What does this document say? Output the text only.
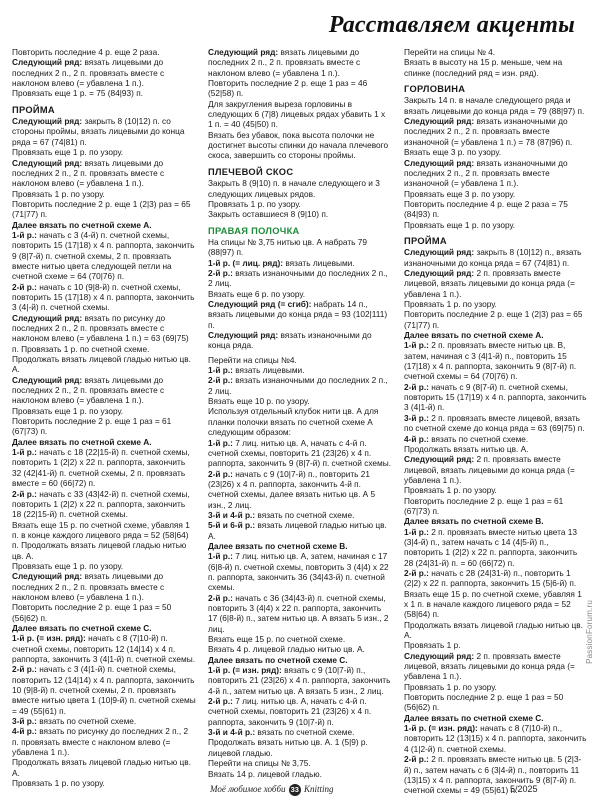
Расставляем акценты

Повторить последние 4 р. еще 2 раза.

Следующий ряд: вязать лицевыми до последних 2 п., 2 п. провязать вместе с наклоном влево (= убавлена 1 п.).

Провязать еще 1 р. = 75 (84|93) п.

ПРОЙМА

Следующий ряд: закрыть 8 (10|12) п. со стороны проймы, вязать лицевыми до конца ряда = 67 (74|81) п.

Провязать еще 1 р. по узору.

Следующий ряд: вязать лицевыми до последних 2 п., 2 п. провязать вместе с наклоном влево (= убавлена 1 п.).

Провязать 1 р. по узору.

Повторить последние 2 р. еще 1 (2|3) раз = 65 (71|77) п.

Далее вязать по счетной схеме А.

1-й р.: начать с 3 (4-й) п. счетной схемы, повторить 15 (17|18) x 4 п. раппорта, закончить 9 (8|7-й) п. счетной схемы, 2 п. провязать вместе нитью цвета следующей петли на счетной схеме = 64 (70|76) п.

2-й р.: начать с 10 (9|8-й) п. счетной схемы, повторить 15 (17|18) x 4 п. раппорта, закончить 3 (4|-й) п. счетной схемы.

Следующий ряд: вязать по рисунку до последних 2 п., 2 п. провязать вместе с наклоном влево (= убавлена 1 п.) = 63 (69|75) п. Провязать 1 р. по счетной схеме.

Продолжать вязать лицевой гладью нитью цв. А.

Следующий ряд: вязать лицевыми до последних 2 п., 2 п. провязать вместе с наклоном влево (= убавлена 1 п.).

Провязать еще 1 р. по узору.

Повторить последние 2 р. еще 1 раз = 61 (67|73) п.

Далее вязать по счетной схеме А.

1-й р.: начать с 18 (22|15-й) п. счетной схемы, повторить 1 (2|2) x 22 п. раппорта, закончить 32 (42|41-й) п. счетной схемы, 2 п. провязать вместе = 60 (66|72) п.

2-й р.: начать с 33 (43|42-й) п. счетной схемы, повторить 1 (2|2) x 22 п. раппорта, закончить 18 (22|15-й) п. счетной схемы.

Вязать еще 15 р. по счетной схеме, убавляя 1 п. в конце каждого лицевого ряда = 52 (58|64) п. Продолжать вязать лицевой гладью нитью цв. А.

Провязать еще 1 р. по узору.

Следующий ряд: вязать лицевыми до последних 2 п., 2 п. провязать вместе с наклоном влево (= убавлена 1 п.).

Повторить последние 2 р. еще 1 раз = 50 (56|62) п.

Далее вязать по счетной схеме С.

1-й р. (= изн. ряд): начать с 8 (7|10-й) п. счетной схемы, повторить 12 (14|14) x 4 п. раппорта, закончить 3 (4|1-й) п. счетной схемы.

2-й р.: начать с 3 (4|1-й) п. счетной схемы, повторить 12 (14|14) x 4 п. раппорта, закончить 10 (9|8-й) п. счетной схемы, 2 п. провязать вместе нитью цвета 1 (10|9-й) п. счетной схемы = 49 (55|61) п.

3-й р.: вязать по счетной схеме.

4-й р.: вязать по рисунку до последних 2 п., 2 п. провязать вместе с наклоном влево (= убавлена 1 п.).

Продолжать вязать лицевой гладью нитью цв. А.

Провязать 1 р. по узору.

Следующий ряд: вязать лицевыми до последних 2 п., 2 п. провязать вместе с наклоном влево (= убавлена 1 п.).

Повторить последние 2 р. еще 1 раз = 46 (52|58) п.

Для закругления выреза горловины в следующих 6 (7|8) лицевых рядах убавить 1 x 1 п. = 40 (45|50) п.

Вязать без убавок, пока высота полочки не достигнет высоты спинки до начала плечевого скоса, завершить со стороны проймы.

ПЛЕЧЕВОЙ СКОС

Закрыть 8 (9|10) п. в начале следующего и 3 следующих лицевых рядов.

Провязать 1 р. по узору.

Закрыть оставшиеся 8 (9|10) п.

ПРАВАЯ ПОЛОЧКА

На спицы № 3,75 нитью цв. А набрать 79 (88|97) п.

1-й р. (= лиц. ряд): вязать лицевыми.

2-й р.: вязать изнаночными до последних 2 п., 2 лиц.

Вязать еще 6 р. по узору.

Следующий ряд (= сгиб): набрать 14 п., вязать лицевыми до конца ряда = 93 (102|111) п.

Следующий ряд: вязать изнаночными до конца ряда.

Перейти на спицы №4.

1-й р.: вязать лицевыми.

2-й р.: вязать изнаночными до последних 2 п., 2 лиц.

Вязать еще 10 р. по узору.

Используя отдельный клубок нити цв. А для планки полочки вязать по счетной схеме А следующим образом:

1-й р.: 7 лиц. нитью цв. А, начать с 4-й п. счетной схемы, повторить 21 (23|26) x 4 п. раппорта, закончить 9 (8|7-й) п. счетной схемы.

2-й р.: начать с 9 (10|7-й) п., повторить 21 (23|26) x 4 п. раппорта, закончить 4-й п. счетной схемы, далее вязать нитью цв. А 5 изн., 2 лиц.

3-й и 4-й р.: вязать по счетной схеме.

5-й и 6-й р.: вязать лицевой гладью нитью цв. А.

Далее вязать по счетной схеме В.

1-й р.: 7 лиц. нитью цв. А, затем, начиная с 17 (6|8-й) п. счетной схемы, повторить 3 (4|4) x 22 п. раппорта, закончить 36 (34|43-й) п. счетной схемы.

2-й р.: начать с 36 (34|43-й) п. счетной схемы, повторить 3 (4|4) x 22 п. раппорта, закончить 17 (6|8-й) п., затем нитью цв. А вязать 5 изн., 2 лиц.

Вязать еще 15 р. по счетной схеме.

Вязать 4 р. лицевой гладью нитью цв. А.

Далее вязать по счетной схеме С.

1-й р. (= изн. ряд): вязать с 9 (10|7-й) п., повторить 21 (23|26) x 4 п. раппорта, закончить 4-й п., затем нитью цв. А вязать 5 изн., 2 лиц.

2-й р.: 7 лиц. нитью цв. А, начать с 4-й п. счетной схемы, повторить 21 (23|26) x 4 п. раппорта, закончить 9 (10|7-й) п.

3-й и 4-й р.: вязать по счетной схеме.

Продолжать вязать нитью цв. А. 1 (5|9) р. лицевой гладью.

Перейти на спицы № 3,75.

Вязать 14 р. лицевой гладью.

Перейти на спицы № 4.

Вязать в высоту на 15 р. меньше, чем на спинке (последний ряд = изн. ряд).

ГОРЛОВИНА

Закрыть 14 п. в начале следующего ряда и вязать лицевыми до конца ряда = 79 (88|97) п.

Следующий ряд: вязать изнаночными до последних 2 п., 2 п. провязать вместе изнаночной (= убавлена 1 п.) = 78 (87|96) п.

Вязать еще 3 р. по узору.

Следующий ряд: вязать изнаночными до последних 2 п., 2 п. провязать вместе изнаночной (= убавлена 1 п.).

Провязать еще 3 р. по узору.

Повторить последние 4 р. еще 2 раза = 75 (84|93) п.

Провязать еще 1 р. по узору.

ПРОЙМА

Следующий ряд: закрыть 8 (10|12) п., вязать изнаночными до конца ряда = 67 (74|81) п.

Следующий ряд: 2 п. провязать вместе лицевой, вязать лицевыми до конца ряда (= убавлена 1 п.).

Провязать 1 р. по узору.

Повторить последние 2 р. еще 1 (2|3) раз = 65 (71|77) п.

Далее вязать по счетной схеме А.

1-й р.: 2 п. провязать вместе нитью цв. В, затем, начиная с 3 (4|1-й) п., повторить 15 (17|18) x 4 п. раппорта, закончить 9 (8|7-й) п. счетной схемы = 64 (70|76) п.

2-й р.: начать с 9 (8|7-й) п. счетной схемы, повторить 15 (17|19) x 4 п. раппорта, закончить 3 (4|1-й) п.

3-й р.: 2 п. провязать вместе лицевой, вязать по счетной схеме до конца ряда = 63 (69|75) п.

4-й р.: вязать по счетной схеме.

Продолжать вязать нитью цв. А.

Следующий ряд: 2 п. провязать вместе лицевой, вязать лицевыми до конца ряда (= убавлена 1 п.).

Провязать 1 р. по узору.

Повторить последние 2 р. еще 1 раз = 61 (67|73) п.

Далее вязать по счетной схеме В.

1-й р.: 2 п. провязать вместе нитью цвета 13 (3|4-й) п., затем начать с 14 (4|5-й) п., повторить 1 (2|2) x 22 п. раппорта, закончить 28 (24|31-й) п. = 60 (66|72) п.

2-й р.: начать с 28 (24|31-й) п., повторить 1 (2|2) x 22 п. раппорта, закончить 15 (5|6-й) п.

Вязать еще 15 р. по счетной схеме, убавляя 1 x 1 п. в начале каждого лицевого ряда = 52 (58|64) п.

Продолжать вязать лицевой гладью нитью цв. А.

Провязать 1 р.

Следующий ряд: 2 п. провязать вместе лицевой, вязать лицевыми до конца ряда (= убавлена 1 п.).

Провязать 1 р. по узору.

Повторить последние 2 р. еще 1 раз = 50 (56|62) п.

Далее вязать по счетной схеме С.

1-й р. (= изн. ряд): начать с 8 (7|10-й) п., повторить 12 (13|15) x 4 п. раппорта, закончить 4 (1|2-й) п. счетной схемы.

2-й р.: 2 п. провязать вместе нитью цв. 5 (2|3-й) п., затем начать с 6 (3|4-й) п., повторить 11 (13|15) x 4 п. раппорта, закончить 9 (8|7-й) п. счетной схемы = 49 (55|61) п.

Моё любимое хобби 33 Knitting	5/2025
PassionForum.ru
